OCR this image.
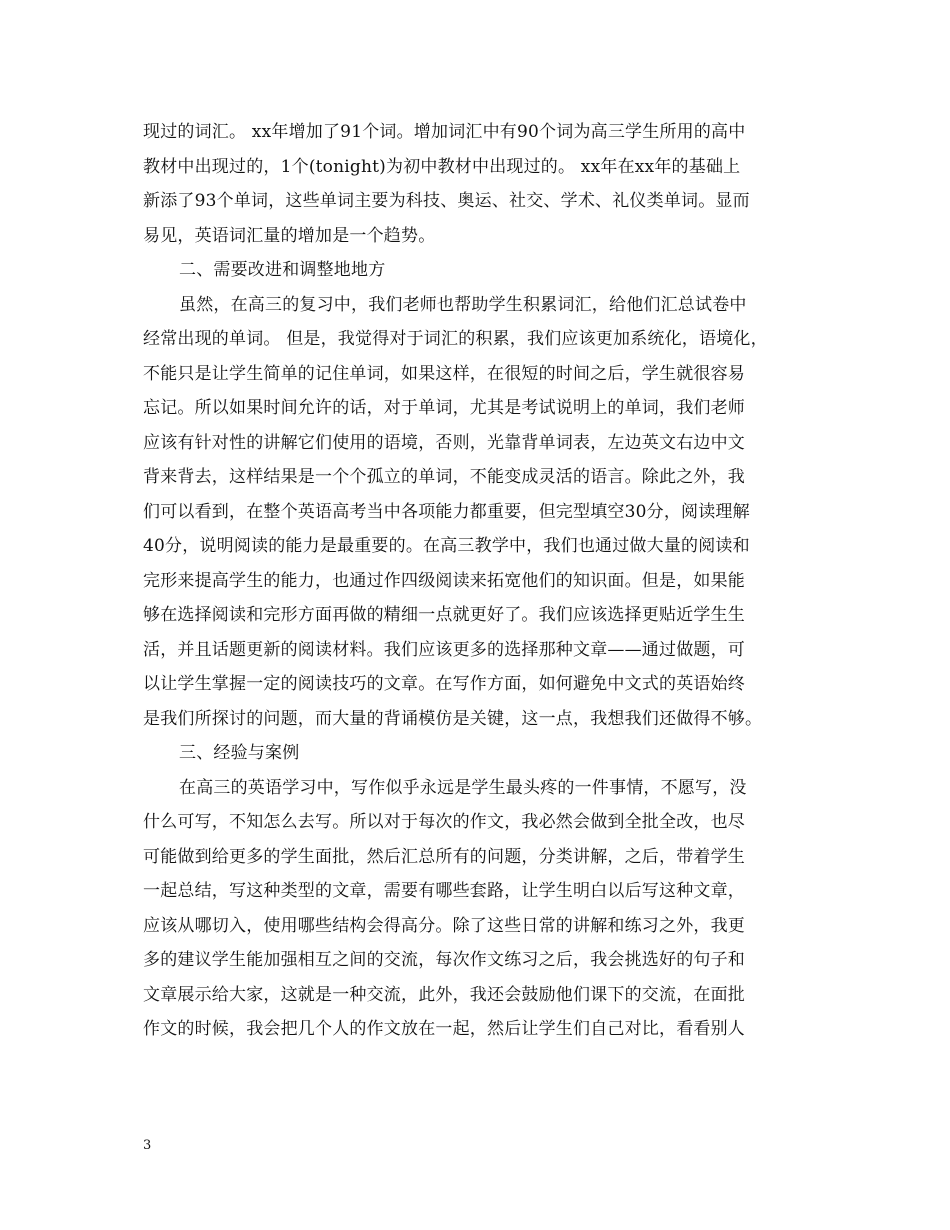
现过的词汇。 xx年增加了91个词。增加词汇中有90个词为高三学生所用的高中
教材中出现过的，1个(tonight)为初中教材中出现过的。 xx年在xx年的基础上
新添了93个单词，这些单词主要为科技、奥运、社交、学术、礼仪类单词。显而
易见，英语词汇量的增加是一个趋势。
二、需要改进和调整地地方
虽然，在高三的复习中，我们老师也帮助学生积累词汇，给他们汇总试卷中
经常出现的单词。 但是，我觉得对于词汇的积累，我们应该更加系统化，语境化，
不能只是让学生简单的记住单词，如果这样，在很短的时间之后，学生就很容易
忘记。所以如果时间允许的话，对于单词，尤其是考试说明上的单词，我们老师
应该有针对性的讲解它们使用的语境，否则，光靠背单词表，左边英文右边中文
背来背去，这样结果是一个个孤立的单词，不能变成灵活的语言。除此之外，我
们可以看到，在整个英语高考当中各项能力都重要，但完型填空30分，阅读理解
40分，说明阅读的能力是最重要的。在高三教学中，我们也通过做大量的阅读和
完形来提高学生的能力，也通过作四级阅读来拓宽他们的知识面。但是，如果能
够在选择阅读和完形方面再做的精细一点就更好了。我们应该选择更贴近学生生
活，并且话题更新的阅读材料。我们应该更多的选择那种文章——通过做题，可
以让学生掌握一定的阅读技巧的文章。在写作方面，如何避免中文式的英语始终
是我们所探讨的问题，而大量的背诵模仿是关键，这一点，我想我们还做得不够。
三、经验与案例
在高三的英语学习中，写作似乎永远是学生最头疼的一件事情，不愿写，没
什么可写，不知怎么去写。所以对于每次的作文，我必然会做到全批全改，也尽
可能做到给更多的学生面批，然后汇总所有的问题，分类讲解，之后，带着学生
一起总结，写这种类型的文章，需要有哪些套路，让学生明白以后写这种文章，
应该从哪切入，使用哪些结构会得高分。除了这些日常的讲解和练习之外，我更
多的建议学生能加强相互之间的交流，每次作文练习之后，我会挑选好的句子和
文章展示给大家，这就是一种交流，此外，我还会鼓励他们课下的交流，在面批
作文的时候，我会把几个人的作文放在一起，然后让学生们自己对比，看看别人
3
